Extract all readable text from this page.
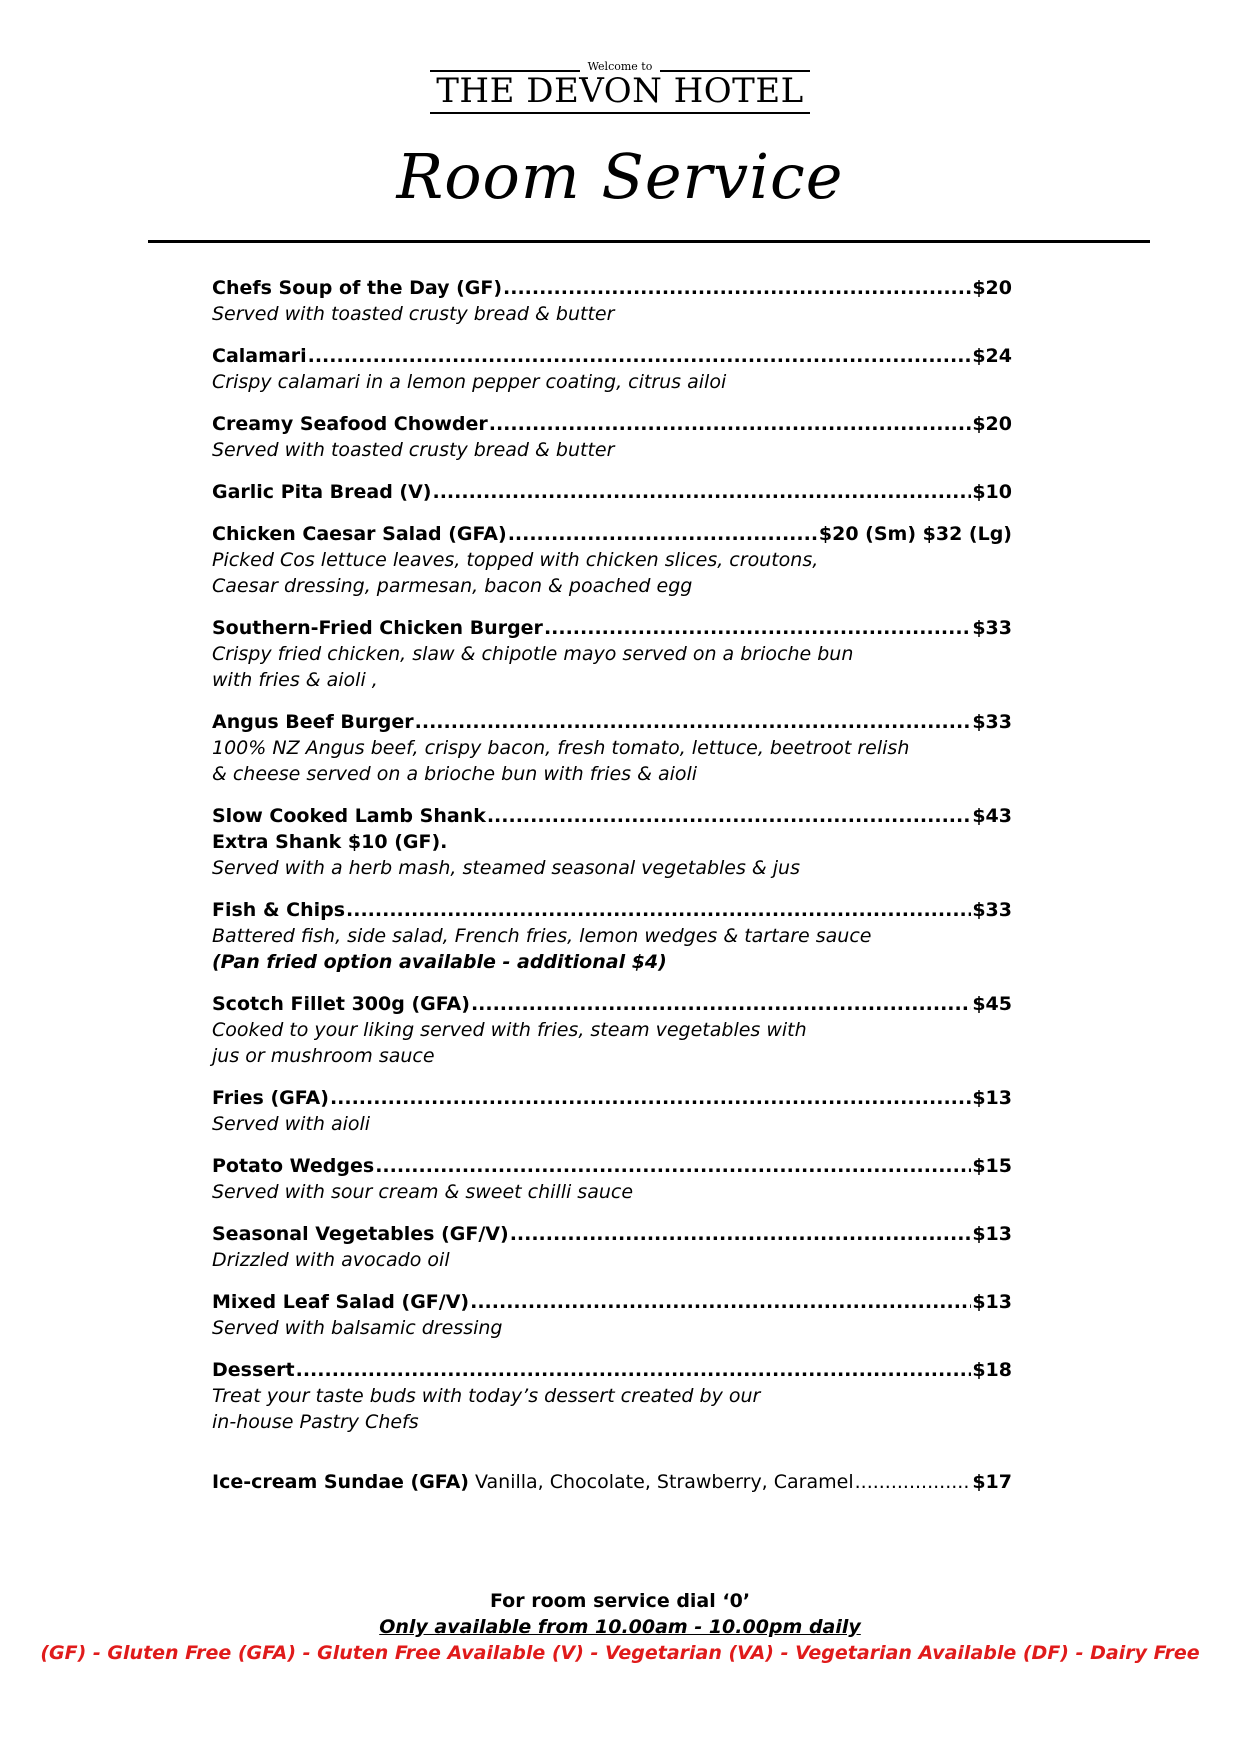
Welcome to
THE DEVON HOTEL
Room Service
Chefs Soup of the Day (GF) .....	$20
Served with toasted crusty bread & butter
Calamari .....	$24
Crispy calamari in a lemon pepper coating, citrus ailoi
Creamy Seafood Chowder .....	$20
Served with toasted crusty bread & butter
Garlic Pita Bread (V) .....	$10
Chicken Caesar Salad (GFA) .....	$20 (Sm) $32 (Lg)
Picked Cos lettuce leaves, topped with chicken slices, croutons,
Caesar dressing, parmesan, bacon & poached egg
Southern-Fried Chicken Burger .....	$33
Crispy fried chicken, slaw & chipotle mayo served on a brioche bun
with fries & aioli ,
Angus Beef Burger .....	$33
100% NZ Angus beef, crispy bacon, fresh tomato, lettuce, beetroot relish
& cheese served on a brioche bun with fries & aioli
Slow Cooked Lamb Shank .....	$43
Extra Shank $10 (GF).
Served with a herb mash, steamed seasonal vegetables & jus
Fish & Chips .....	$33
Battered fish, side salad, French fries, lemon wedges & tartare sauce
(Pan fried option available - additional $4)
Scotch Fillet 300g (GFA) .....	$45
Cooked to your liking served with fries, steam vegetables with
jus or mushroom sauce
Fries (GFA) .....	$13
Served with aioli
Potato Wedges .....	$15
Served with sour cream & sweet chilli sauce
Seasonal Vegetables (GF/V) .....	$13
Drizzled with avocado oil
Mixed Leaf Salad (GF/V) .....	$13
Served with balsamic dressing
Dessert .....	$18
Treat your taste buds with today’s dessert created by our
in-house Pastry Chefs
Ice-cream Sundae (GFA) Vanilla, Chocolate, Strawberry, Caramel .....	$17
For room service dial ‘0’
Only available from 10.00am - 10.00pm daily
(GF) - Gluten Free (GFA) - Gluten Free Available (V) - Vegetarian (VA) - Vegetarian Available (DF) - Dairy Free
